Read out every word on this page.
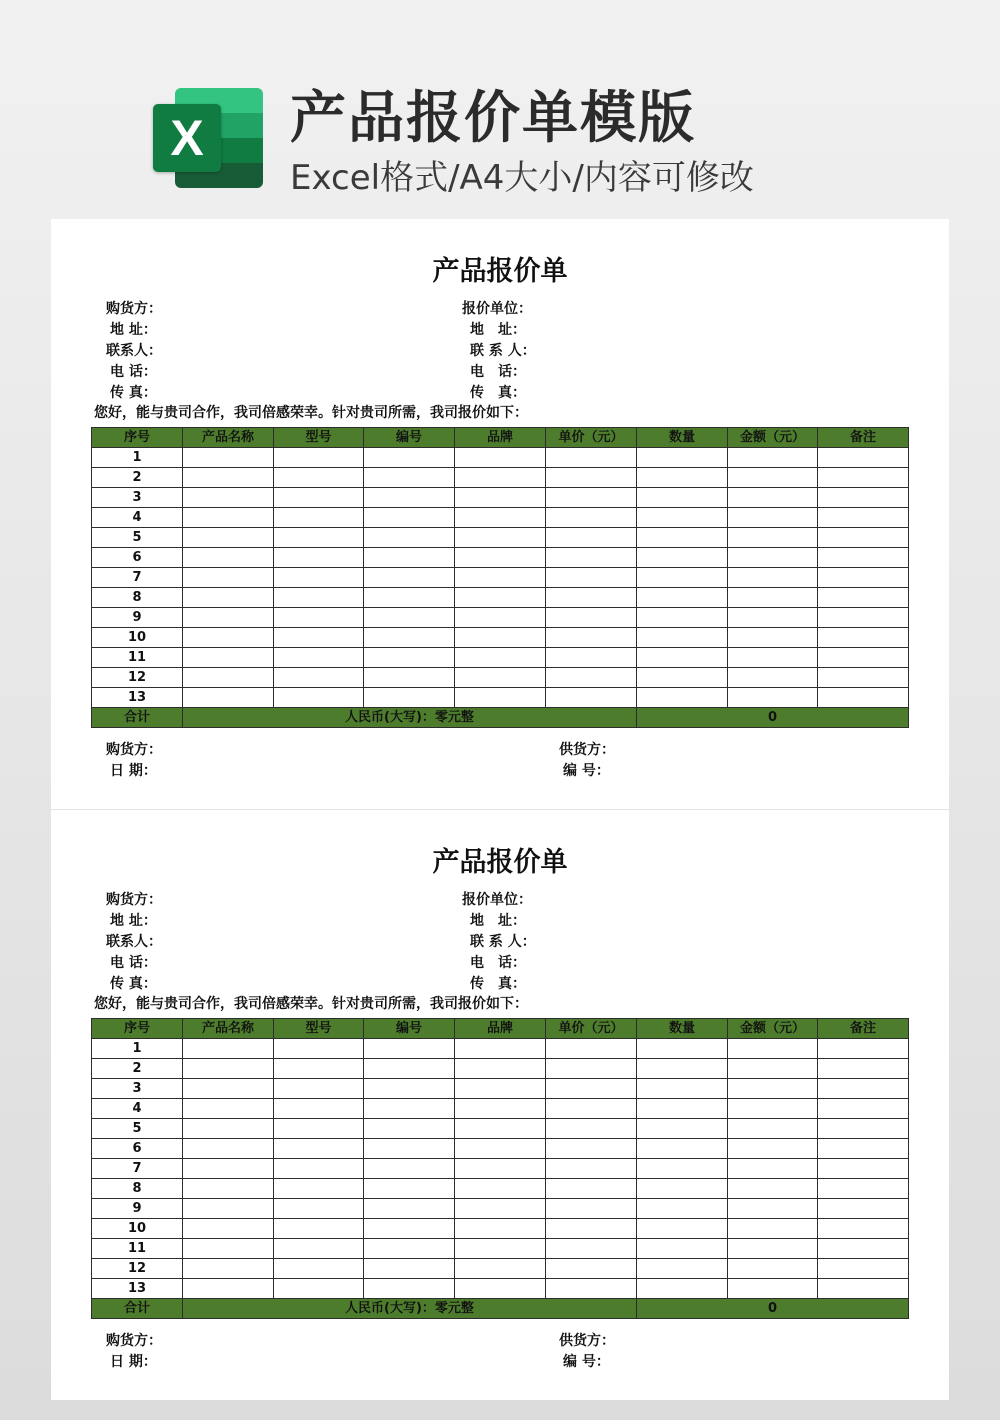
X	产品报价单模版
Excel格式/A4大小/内容可修改
产品报价单
购货方：
地 址：
联系人：
电 话：
传 真：
报价单位：
地　址：
联 系 人：
电　话：
传　真：
您好，能与贵司合作，我司倍感荣幸。针对贵司所需，我司报价如下：
序号	产品名称	型号	编号	品牌	单价（元）	数量	金额（元）	备注
1								
2								
3								
4								
5								
6								
7								
8								
9								
10								
11								
12								
13								
合计	人民币(大写)：零元整					0		
购货方：
日 期：
供货方：
编 号：
产品报价单
购货方：
地 址：
联系人：
电 话：
传 真：
报价单位：
地　址：
联 系 人：
电　话：
传　真：
您好，能与贵司合作，我司倍感荣幸。针对贵司所需，我司报价如下：
序号	产品名称	型号	编号	品牌	单价（元）	数量	金额（元）	备注
1								
2								
3								
4								
5								
6								
7								
8								
9								
10								
11								
12								
13								
合计	人民币(大写)：零元整					0		
购货方：
日 期：
供货方：
编 号：
